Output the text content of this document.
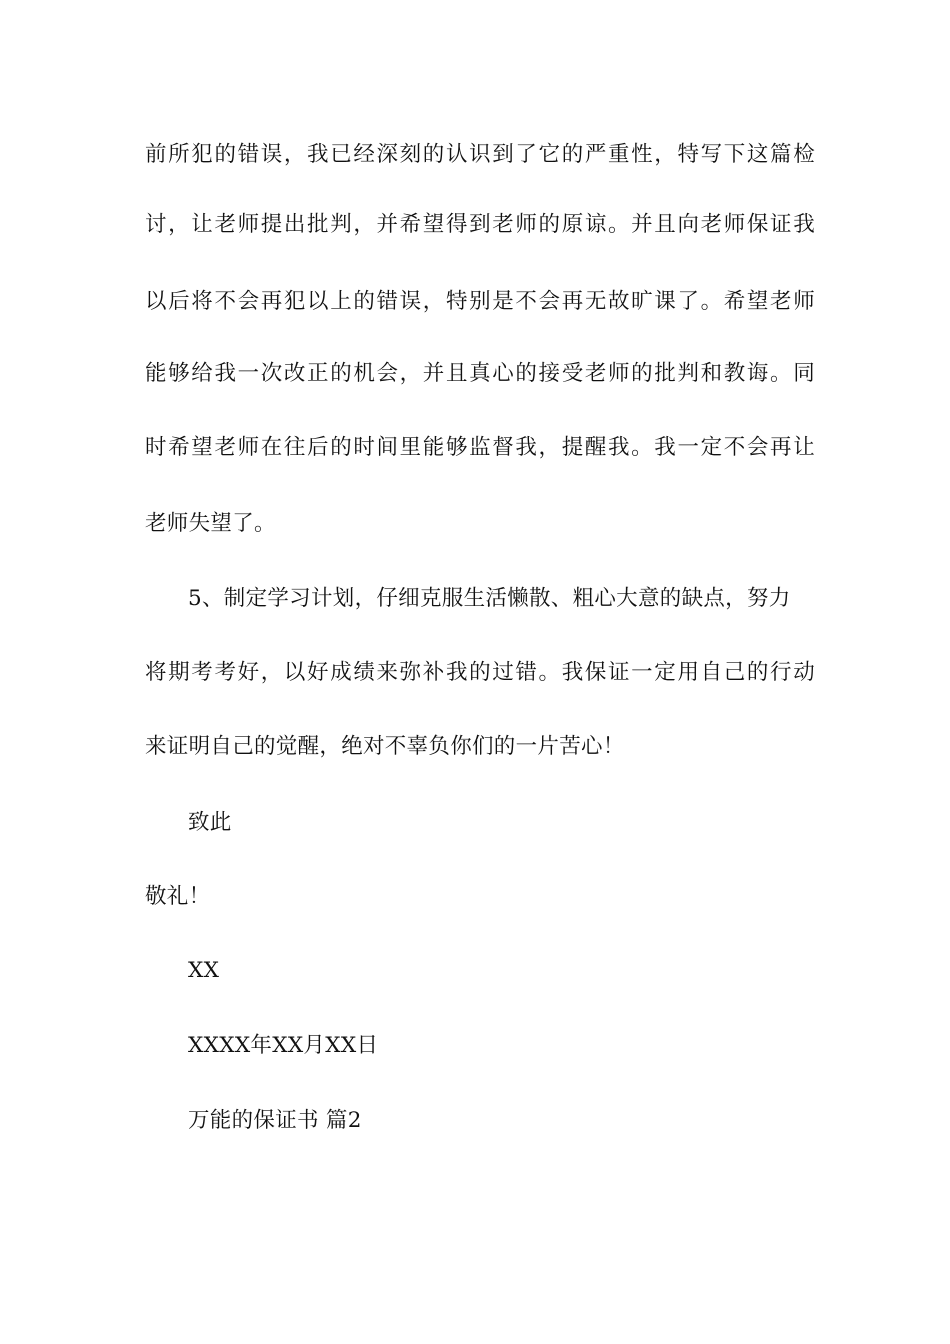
前所犯的错误，我已经深刻的认识到了它的严重性，特写下这篇检
讨，让老师提出批判，并希望得到老师的原谅。并且向老师保证我
以后将不会再犯以上的错误，特别是不会再无故旷课了。希望老师
能够给我一次改正的机会，并且真心的接受老师的批判和教诲。同
时希望老师在往后的时间里能够监督我，提醒我。我一定不会再让
老师失望了。
5、制定学习计划，仔细克服生活懒散、粗心大意的缺点，努力
将期考考好，以好成绩来弥补我的过错。我保证一定用自己的行动
来证明自己的觉醒，绝对不辜负你们的一片苦心！
致此
敬礼！
XX
XXXX年XX月XX日
万能的保证书 篇2
